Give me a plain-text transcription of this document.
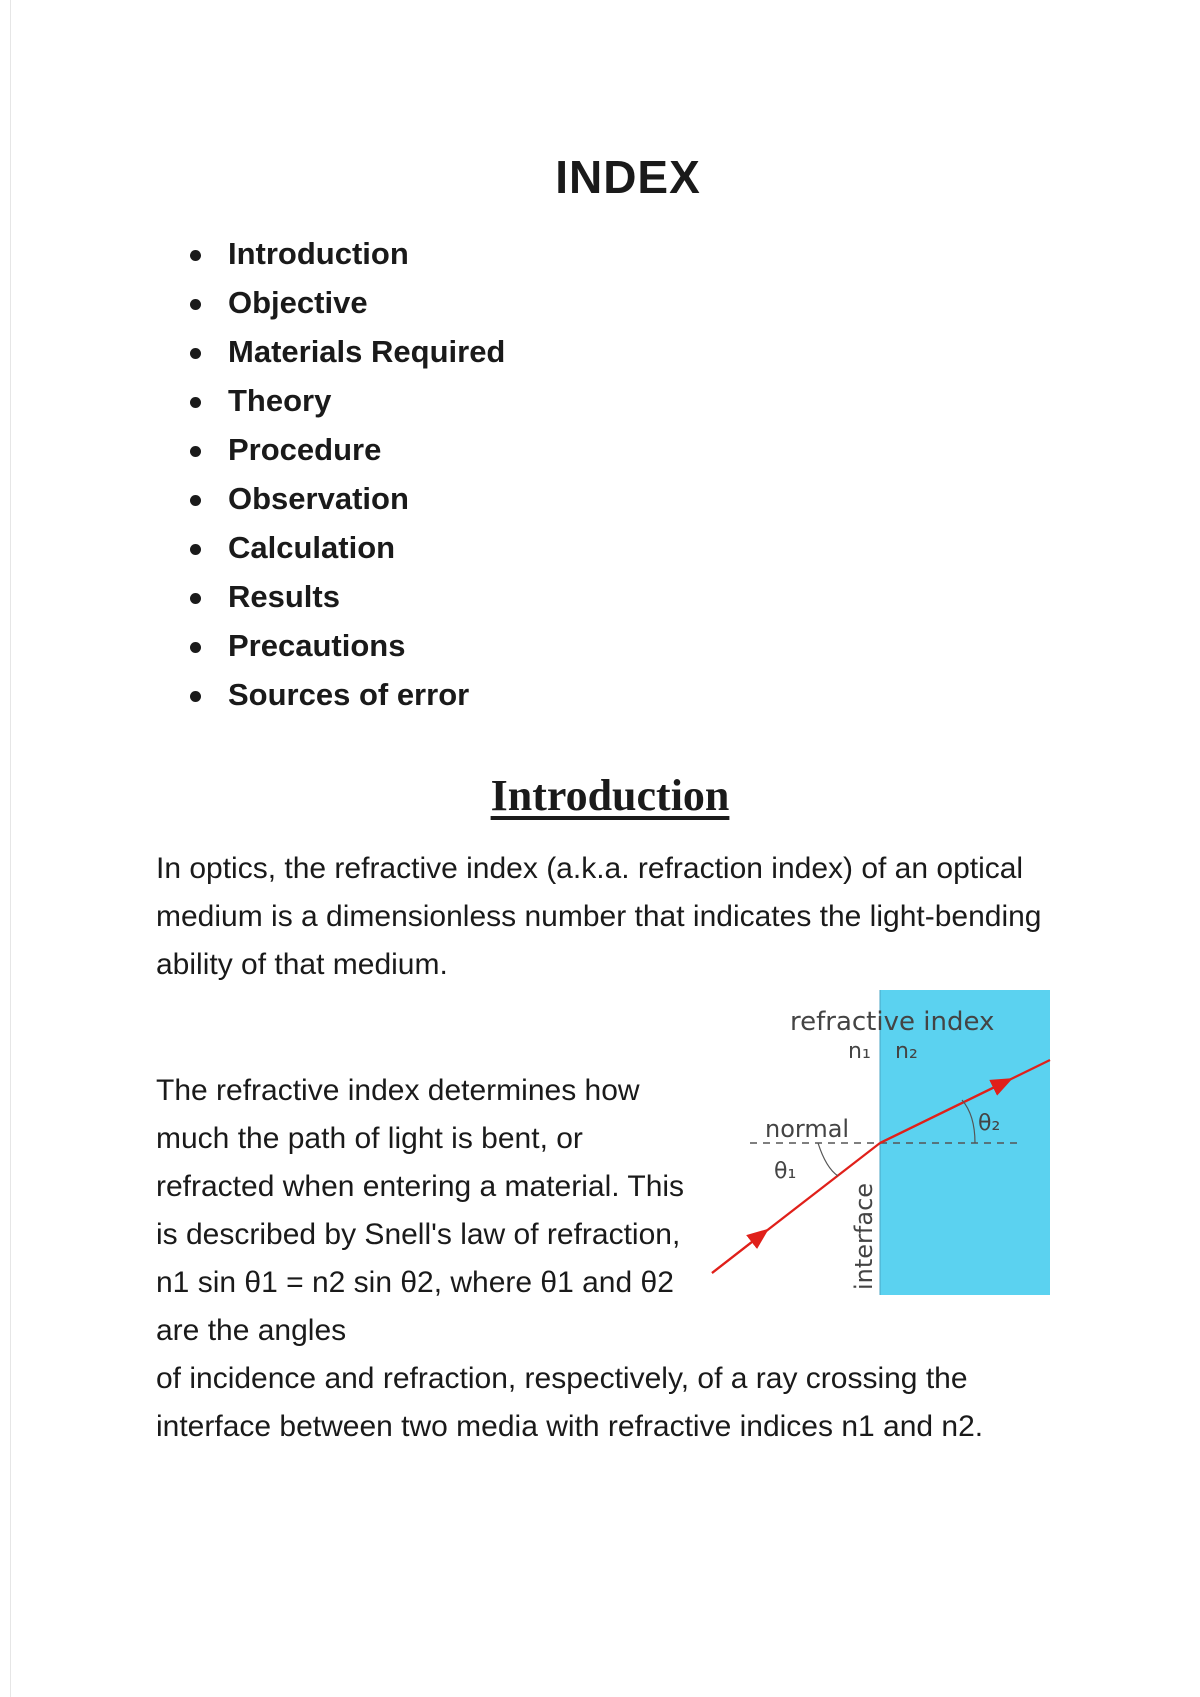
INDEX
Introduction
Objective
Materials Required
Theory
Procedure
Observation
Calculation
Results
Precautions
Sources of error
Introduction

In optics, the refractive index (a.k.a. refraction index) of an optical medium is a dimensionless number that indicates the light-bending ability of that medium.

The refractive index determines how much the path of light is bent, or refracted when entering a material. This is described by Snell's law of refraction, n1 sin θ1 = n2 sin θ2, where θ1 and θ2 are the angles

of incidence and refraction, respectively, of a ray crossing the interface between two media with refractive indices n1 and n2.

refractive index
n₁ n₂
normal
θ₁
θ₂
interface
